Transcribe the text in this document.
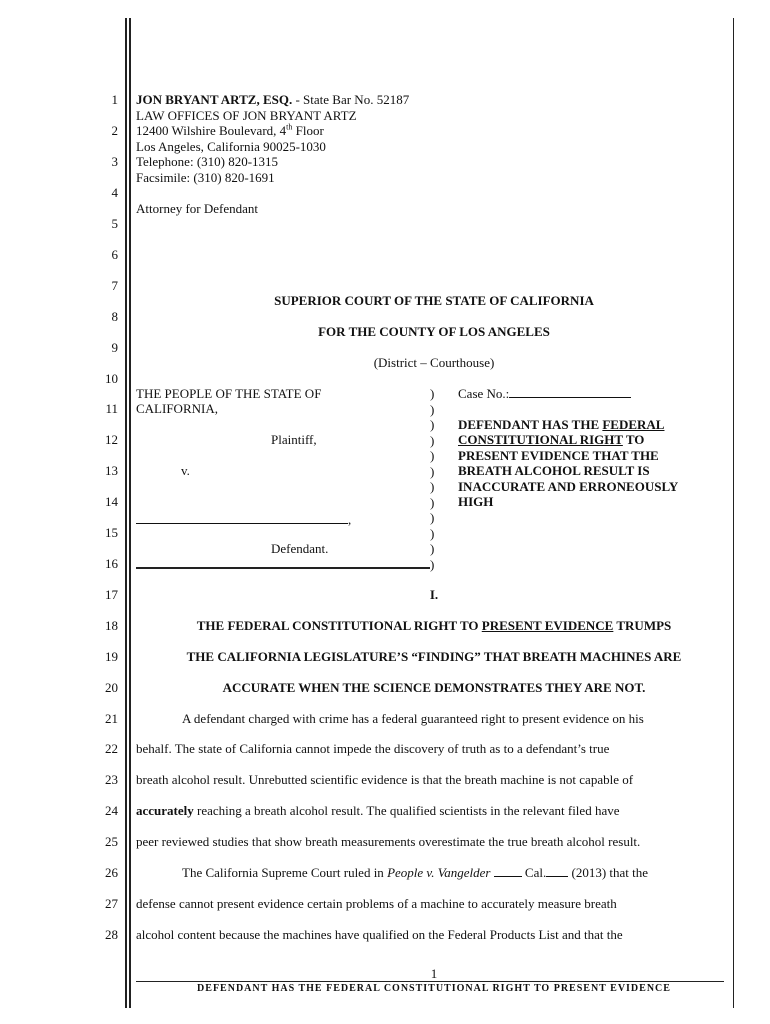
1
2
3
4
5
6
7
8
9
10
11
12
13
14
15
16
17
18
19
20
21
22
23
24
25
26
27
28
JON BRYANT ARTZ, ESQ. - State Bar No. 52187
LAW OFFICES OF JON BRYANT ARTZ
12400 Wilshire Boulevard, 4th Floor
Los Angeles, California 90025-1030
Telephone: (310) 820-1315
Facsimile: (310) 820-1691
Attorney for Defendant
SUPERIOR COURT OF THE STATE OF CALIFORNIA
FOR THE COUNTY OF LOS ANGELES
(District – Courthouse)
THE PEOPLE OF THE STATE OF
CALIFORNIA,
Plaintiff,
v.
,
Defendant.
)
)
)
)
)
)
)
)
)
)
)
)
Case No.:
DEFENDANT HAS THE FEDERAL
CONSTITUTIONAL RIGHT TO
PRESENT EVIDENCE THAT THE
BREATH ALCOHOL RESULT IS
INACCURATE AND ERRONEOUSLY
HIGH
I.
THE FEDERAL CONSTITUTIONAL RIGHT TO PRESENT EVIDENCE TRUMPS
THE CALIFORNIA LEGISLATURE’S “FINDING” THAT BREATH MACHINES ARE
ACCURATE WHEN THE SCIENCE DEMONSTRATES THEY ARE NOT.
A defendant charged with crime has a federal guaranteed right to present evidence on his
behalf. The state of California cannot impede the discovery of truth as to a defendant’s true
breath alcohol result. Unrebutted scientific evidence is that the breath machine is not capable of
accurately reaching a breath alcohol result. The qualified scientists in the relevant filed have
peer reviewed studies that show breath measurements overestimate the true breath alcohol result.
The California Supreme Court ruled in People v. Vangelder  Cal. (2013) that the
defense cannot present evidence certain problems of a machine to accurately measure breath
alcohol content because the machines have qualified on the Federal Products List and that the
1
DEFENDANT HAS THE FEDERAL CONSTITUTIONAL RIGHT TO PRESENT EVIDENCE
